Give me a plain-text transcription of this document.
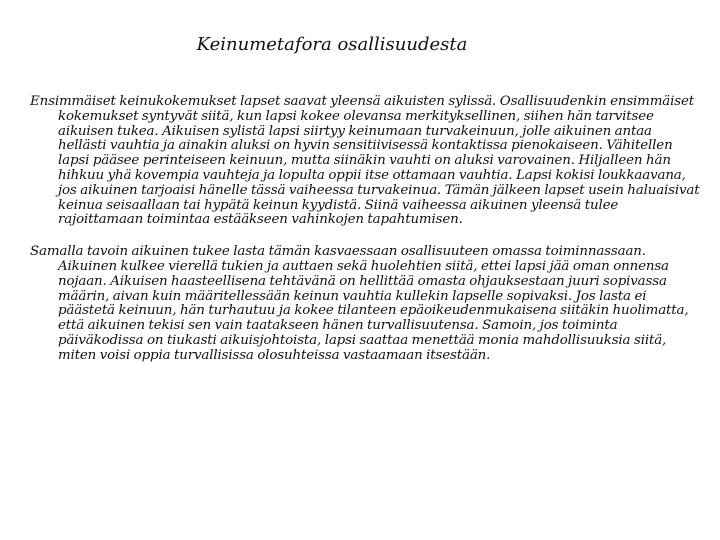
Keinumetafora osallisuudesta

Ensimmäiset keinukokemukset lapset saavat yleensä aikuisten sylissä. Osallisuudenkin ensimmäiset kokemukset syntyvät siitä, kun lapsi kokee olevansa merkityksellinen, siihen hän tarvitsee aikuisen tukea. Aikuisen sylistä lapsi siirtyy keinumaan turvakeinuun, jolle aikuinen antaa hellästi vauhtia ja ainakin aluksi on hyvin sensitiivisessä kontaktissa pienokaiseen. Vähitellen lapsi pääsee perinteiseen keinuun, mutta siinäkin vauhti on aluksi varovainen. Hiljalleen hän hihkuu yhä kovempia vauhteja ja lopulta oppii itse ottamaan vauhtia. Lapsi kokisi loukkaavana, jos aikuinen tarjoaisi hänelle tässä vaiheessa turvakeinua. Tämän jälkeen lapset usein haluaisivat keinua seisaallaan tai hypätä keinun kyydistä. Siinä vaiheessa aikuinen yleensä tulee rajoittamaan toimintaa estääkseen vahinkojen tapahtumisen.

Samalla tavoin aikuinen tukee lasta tämän kasvaessaan osallisuuteen omassa toiminnassaan. Aikuinen kulkee vierellä tukien ja auttaen sekä huolehtien siitä, ettei lapsi jää oman onnensa nojaan. Aikuisen haasteellisena tehtävänä on hellittää omasta ohjauksestaan juuri sopivassa määrin, aivan kuin määritellessään keinun vauhtia kullekin lapselle sopivaksi. Jos lasta ei päästetä keinuun, hän turhautuu ja kokee tilanteen epäoikeudenmukaisena siitäkin huolimatta, että aikuinen tekisi sen vain taatakseen hänen turvallisuutensa. Samoin, jos toiminta päiväkodissa on tiukasti aikuisjohtoista, lapsi saattaa menettää monia mahdollisuuksia siitä, miten voisi oppia turvallisissa olosuhteissa vastaamaan itsestään.
